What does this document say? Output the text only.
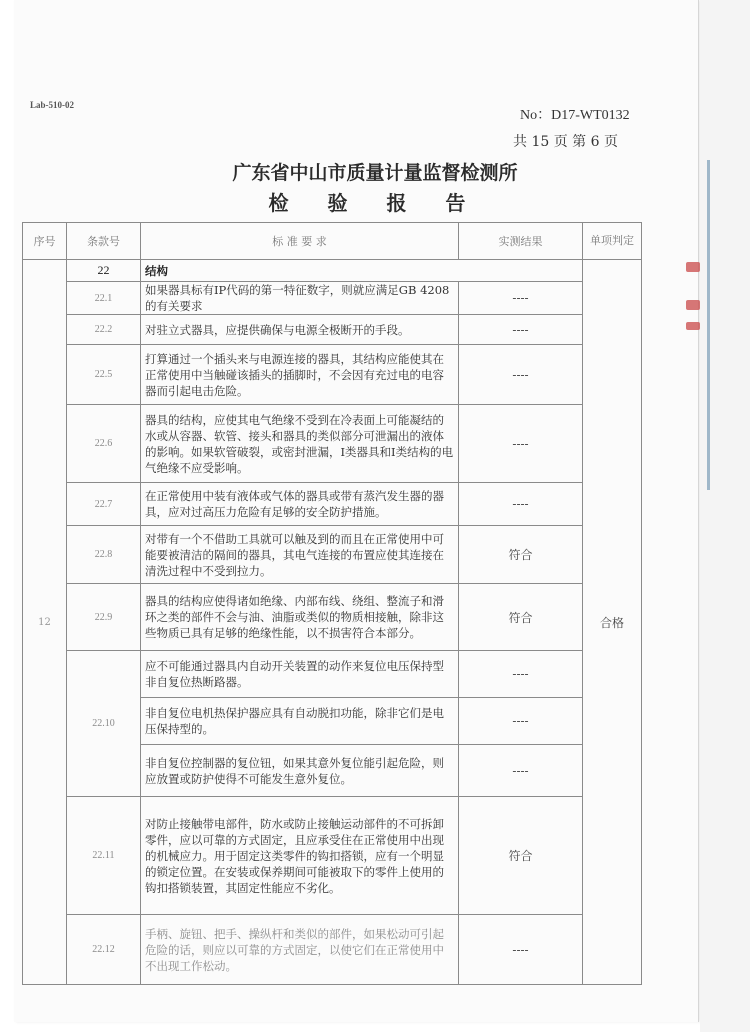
Lab-510-02
No：D17-WT0132
共 15 页 第 6 页
广东省中山市质量计量监督检测所
检 验 报 告
序号	条款号	标 准 要 求	实测结果	单项判定
12	22	结构		合格
	22.1	如果器具标有IP代码的第一特征数字，则就应满足GB 4208的有关要求	----	
	22.2	对驻立式器具，应提供确保与电源全极断开的手段。	----	
	22.5	打算通过一个插头来与电源连接的器具，其结构应能使其在正常使用中当触碰该插头的插脚时，不会因有充过电的电容器而引起电击危险。	----	
	22.6	器具的结构，应使其电气绝缘不受到在冷表面上可能凝结的水或从容器、软管、接头和器具的类似部分可泄漏出的液体的影响。如果软管破裂，或密封泄漏，I类器具和I类结构的电气绝缘不应受影响。	----	
	22.7	在正常使用中装有液体或气体的器具或带有蒸汽发生器的器具，应对过高压力危险有足够的安全防护措施。	----	
	22.8	对带有一个不借助工具就可以触及到的而且在正常使用中可能要被清洁的隔间的器具，其电气连接的布置应使其连接在清洗过程中不受到拉力。	符合	
	22.9	器具的结构应使得诸如绝缘、内部布线、绕组、整流子和滑环之类的部件不会与油、油脂或类似的物质相接触，除非这些物质已具有足够的绝缘性能，以不损害符合本部分。	符合	
	22.10	应不可能通过器具内自动开关装置的动作来复位电压保持型非自复位热断路器。	----	
		非自复位电机热保护器应具有自动脱扣功能，除非它们是电压保持型的。	----	
		非自复位控制器的复位钮，如果其意外复位能引起危险，则应放置或防护使得不可能发生意外复位。	----	
	22.11	对防止接触带电部件，防水或防止接触运动部件的不可拆卸零件，应以可靠的方式固定，且应承受住在正常使用中出现的机械应力。用于固定这类零件的钩扣搭锁，应有一个明显的锁定位置。在安装或保养期间可能被取下的零件上使用的钩扣搭锁装置，其固定性能应不劣化。	符合	
	22.12	手柄、旋钮、把手、操纵杆和类似的部件，如果松动可引起危险的话，则应以可靠的方式固定，以使它们在正常使用中不出现工作松动。	----	
